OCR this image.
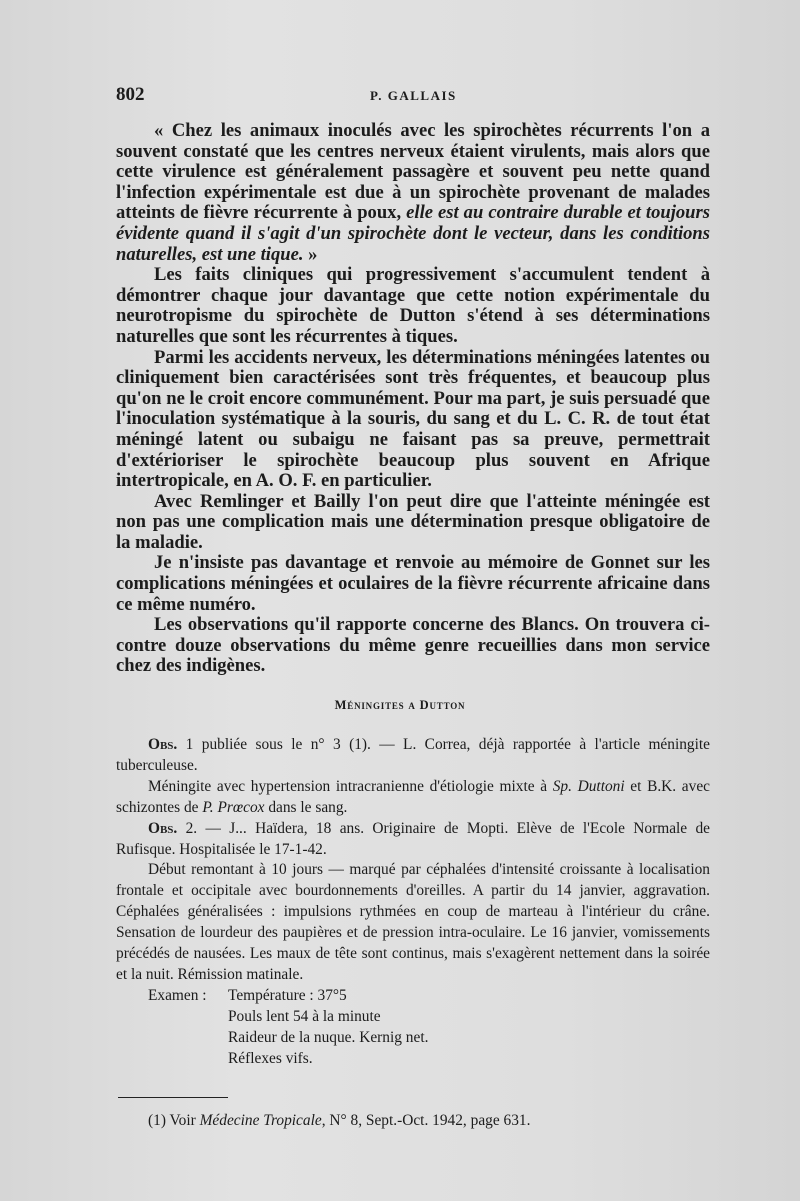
802	P. GALLAIS

« Chez les animaux inoculés avec les spirochètes récurrents l'on a souvent constaté que les centres nerveux étaient virulents, mais alors que cette virulence est généralement passagère et souvent peu nette quand l'infection expérimentale est due à un spirochète provenant de malades atteints de fièvre récurrente à poux, elle est au contraire durable et toujours évidente quand il s'agit d'un spirochète dont le vecteur, dans les conditions naturelles, est une tique. »

Les faits cliniques qui progressivement s'accumulent tendent à démontrer chaque jour davantage que cette notion expérimentale du neurotropisme du spirochète de Dutton s'étend à ses déterminations naturelles que sont les récurrentes à tiques.

Parmi les accidents nerveux, les déterminations méningées latentes ou cliniquement bien caractérisées sont très fréquentes, et beaucoup plus qu'on ne le croit encore communément. Pour ma part, je suis persuadé que l'inoculation systématique à la souris, du sang et du L. C. R. de tout état méningé latent ou subaigu ne faisant pas sa preuve, permettrait d'extérioriser le spirochète beaucoup plus souvent en Afrique intertropicale, en A. O. F. en particulier.

Avec Remlinger et Bailly l'on peut dire que l'atteinte méningée est non pas une complication mais une détermination presque obligatoire de la maladie.

Je n'insiste pas davantage et renvoie au mémoire de Gonnet sur les complications méningées et oculaires de la fièvre récurrente africaine dans ce même numéro.

Les observations qu'il rapporte concerne des Blancs. On trouvera ci-contre douze observations du même genre recueillies dans mon service chez des indigènes.

Méningites a Dutton

Obs. 1 publiée sous le n° 3 (1). — L. Correa, déjà rapportée à l'article méningite tuberculeuse.

Méningite avec hypertension intracranienne d'étiologie mixte à Sp. Duttoni et B.K. avec schizontes de P. Prœcox dans le sang.

Obs. 2. — J... Haïdera, 18 ans. Originaire de Mopti. Elève de l'Ecole Normale de Rufisque. Hospitalisée le 17-1-42.

Début remontant à 10 jours — marqué par céphalées d'intensité croissante à localisation frontale et occipitale avec bourdonnements d'oreilles. A partir du 14 janvier, aggravation. Céphalées généralisées : impulsions rythmées en coup de marteau à l'intérieur du crâne. Sensation de lourdeur des paupières et de pression intra-oculaire. Le 16 janvier, vomissements précédés de nausées. Les maux de tête sont continus, mais s'exagèrent nettement dans la soirée et la nuit. Rémission matinale.

Examen :	Température : 37°5
Pouls lent 54 à la minute
Raideur de la nuque. Kernig net.
Réflexes vifs.
(1) Voir Médecine Tropicale, N° 8, Sept.-Oct. 1942, page 631.
